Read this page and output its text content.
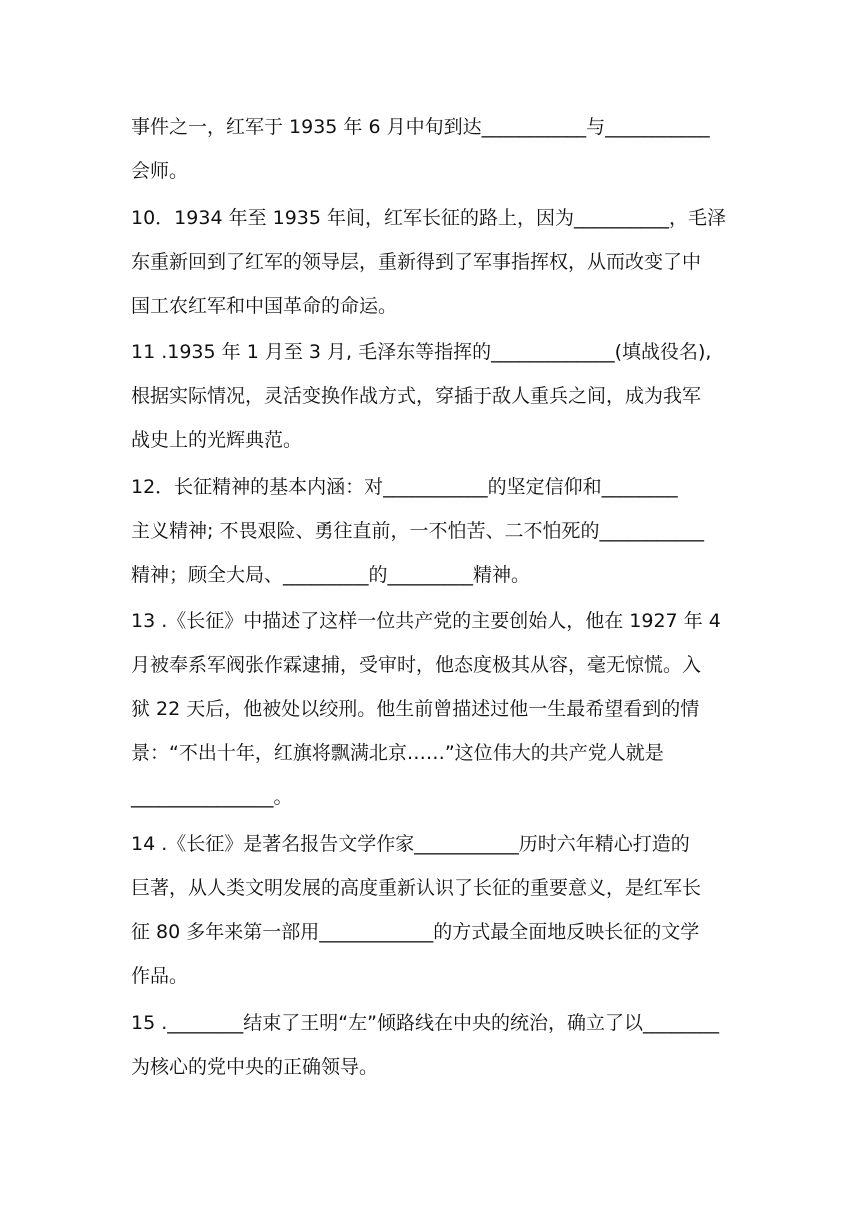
事件之一，红军于 1935 年 6 月中旬到达___________与___________
会师。
10．1934 年至 1935 年间，红军长征的路上，因为__________，毛泽
东重新回到了红军的领导层，重新得到了军事指挥权，从而改变了中
国工农红军和中国革命的命运。
11 .1935 年 1 月至 3 月, 毛泽东等指挥的_____________(填战役名),
根据实际情况，灵活变换作战方式，穿插于敌人重兵之间，成为我军
战史上的光辉典范。
12．长征精神的基本内涵：对___________的坚定信仰和________
主义精神; 不畏艰险、勇往直前，一不怕苦、二不怕死的___________
精神；顾全大局、_________的_________精神。
13 .《长征》中描述了这样一位共产党的主要创始人，他在 1927 年 4
月被奉系军阀张作霖逮捕，受审时，他态度极其从容，毫无惊慌。入
狱 22 天后，他被处以绞刑。他生前曾描述过他一生最希望看到的情
景：“不出十年，红旗将飘满北京……”这位伟大的共产党人就是
_______________。
14 .《长征》是著名报告文学作家___________历时六年精心打造的
巨著，从人类文明发展的高度重新认识了长征的重要意义，是红军长
征 80 多年来第一部用____________的方式最全面地反映长征的文学
作品。
15 .________结束了王明“左”倾路线在中央的统治，确立了以________
为核心的党中央的正确领导。
